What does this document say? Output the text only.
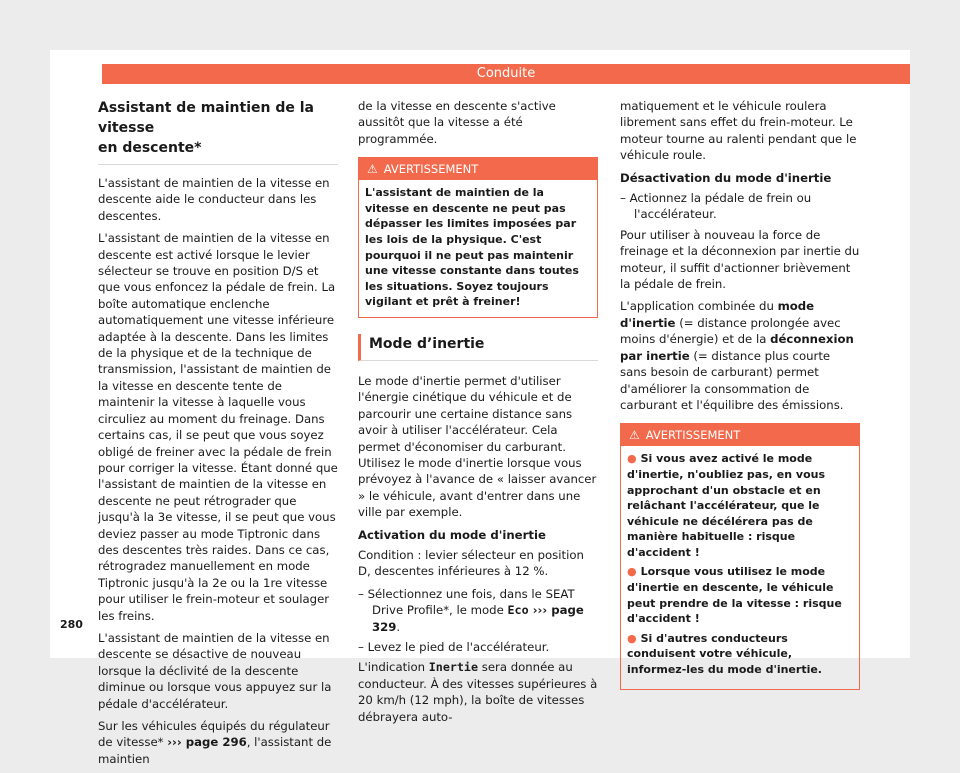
Conduite
Assistant de maintien de la vitesse
en descente*

L'assistant de maintien de la vitesse en descente aide le conducteur dans les descentes.

L'assistant de maintien de la vitesse en descente est activé lorsque le levier sélecteur se trouve en position D/S et que vous enfoncez la pédale de frein. La boîte automatique enclenche automatiquement une vitesse inférieure adaptée à la descente. Dans les limites de la physique et de la technique de transmission, l'assistant de maintien de la vitesse en descente tente de maintenir la vitesse à laquelle vous circuliez au moment du freinage. Dans certains cas, il se peut que vous soyez obligé de freiner avec la pédale de frein pour corriger la vitesse. Étant donné que l'assistant de maintien de la vitesse en descente ne peut rétrograder que jusqu'à la 3e vitesse, il se peut que vous deviez passer au mode Tiptronic dans des descentes très raides. Dans ce cas, rétrogradez manuellement en mode Tiptronic jusqu'à la 2e ou la 1re vitesse pour utiliser le frein-moteur et soulager les freins.

L'assistant de maintien de la vitesse en descente se désactive de nouveau lorsque la déclivité de la descente diminue ou lorsque vous appuyez sur la pédale d'accélérateur.

Sur les véhicules équipés du régulateur de vitesse* ››› page 296, l'assistant de maintien

de la vitesse en descente s'active aussitôt que la vitesse a été programmée.

⚠ AVERTISSEMENT
L'assistant de maintien de la vitesse en descente ne peut pas dépasser les limites imposées par les lois de la physique. C'est pourquoi il ne peut pas maintenir une vitesse constante dans toutes les situations. Soyez toujours vigilant et prêt à freiner!
Mode d’inertie

Le mode d'inertie permet d'utiliser l'énergie cinétique du véhicule et de parcourir une certaine distance sans avoir à utiliser l'accélérateur. Cela permet d'économiser du carburant. Utilisez le mode d'inertie lorsque vous prévoyez à l'avance de « laisser avancer » le véhicule, avant d'entrer dans une ville par exemple.

Activation du mode d'inertie

Condition : levier sélecteur en position D, descentes inférieures à 12 %.

– Sélectionnez une fois, dans le SEAT Drive Profile*, le mode Eco ››› page 329.

– Levez le pied de l'accélérateur.

L'indication Inertie sera donnée au conducteur. À des vitesses supérieures à 20 km/h (12 mph), la boîte de vitesses débrayera auto-

matiquement et le véhicule roulera librement sans effet du frein-moteur. Le moteur tourne au ralenti pendant que le véhicule roule.

Désactivation du mode d'inertie

– Actionnez la pédale de frein ou l'accélérateur.

Pour utiliser à nouveau la force de freinage et la déconnexion par inertie du moteur, il suffit d'actionner brièvement la pédale de frein.

L'application combinée du mode d'inertie (= distance prolongée avec moins d'énergie) et de la déconnexion par inertie (= distance plus courte sans besoin de carburant) permet d'améliorer la consommation de carburant et l'équilibre des émissions.

⚠ AVERTISSEMENT
● Si vous avez activé le mode d'inertie, n'oubliez pas, en vous approchant d'un obstacle et en relâchant l'accélérateur, que le véhicule ne décélérera pas de manière habituelle : risque d'accident !
● Lorsque vous utilisez le mode d'inertie en descente, le véhicule peut prendre de la vitesse : risque d'accident !
● Si d'autres conducteurs conduisent votre véhicule, informez-les du mode d'inertie.
280
